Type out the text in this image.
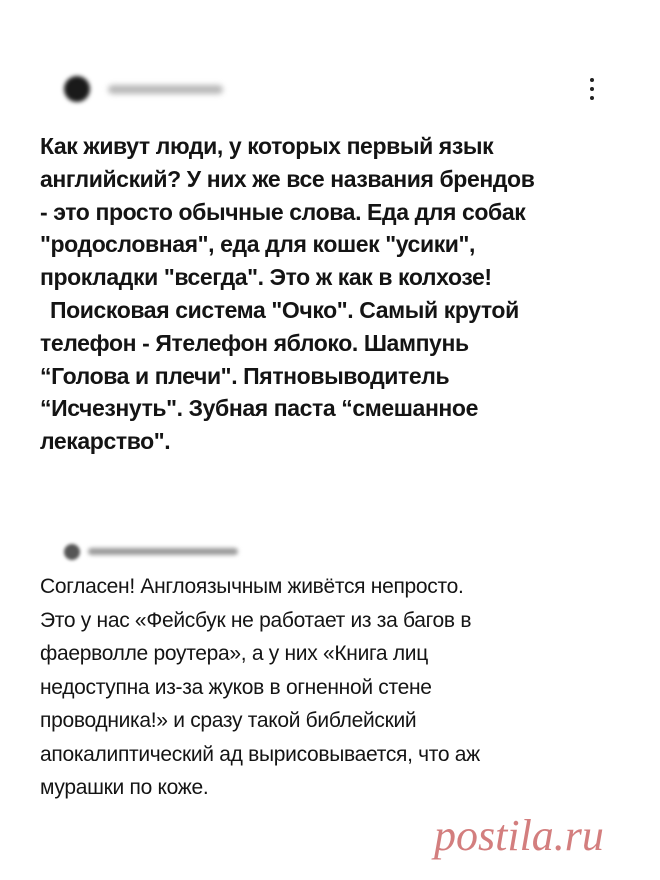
Как живут люди, у которых первый язык
английский? У них же все названия брендов
- это просто обычные слова. Еда для собак
"родословная", еда для кошек "усики",
прокладки "всегда". Это ж как в колхозе!
Поисковая система "Очко". Самый крутой
телефон - Ятелефон яблоко. Шампунь
“Голова и плечи". Пятновыводитель
“Исчезнуть". Зубная паста “смешанное
лекарство".
Согласен! Англоязычным живётся непросто.
Это у нас «Фейсбук не работает из за багов в
фаерволле роутера», а у них «Книга лиц
недоступна из-за жуков в огненной стене
проводника!» и сразу такой библейский
апокалиптический ад вырисовывается, что аж
мурашки по коже.
postila.ru
